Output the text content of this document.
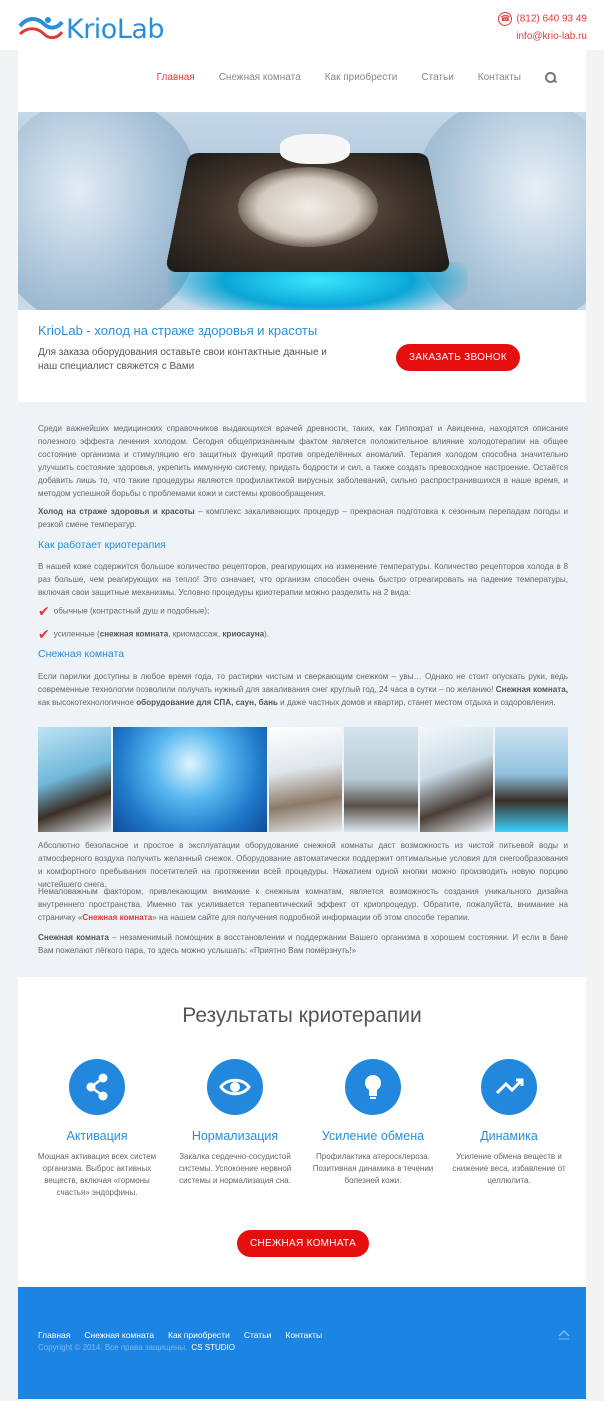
KrioLab	☎ (812) 640 93 49
info@krio-lab.ru
Главная Снежная комната Как приобрести Статьи Контакты
KrioLab - холод на страже здоровья и красоты
Для заказа оборудования оставьте свои контактные данные и наш специалист свяжется с Вами
ЗАКАЗАТЬ ЗВОНОК

Среди важнейших медицинских справочников выдающихся врачей древности, таких, как Гиппократ и Авиценна, находятся описания полезного эффекта лечения холодом. Сегодня общепризнанным фактом является положительное влияние холодотерапии на общее состояние организма и стимуляцию его защитных функций против определённых аномалий. Терапия холодом способна значительно улучшить состояние здоровья, укрепить иммунную систему, придать бодрости и сил, а также создать превосходное настроение. Остаётся добавить лишь то, что такие процедуры являются профилактикой вирусных заболеваний, сильно распространившихся в наше время, и методом успешной борьбы с проблемами кожи и системы кровообращения.

Холод на страже здоровья и красоты – комплекс закаливающих процедур – прекрасная подготовка к сезонным перепадам погоды и резкой смене температур.

Как работает криотерапия

В нашей коже содержится большое количество рецепторов, реагирующих на изменение температуры. Количество рецепторов холода в 8 раз больше, чем реагирующих на тепло! Это означает, что организм способен очень быстро отреагировать на падение температуры, включая свои защитные механизмы. Условно процедуры криотерапии можно разделить на 2 вида:

✔ обычные (контрастный душ и подобные);
✔ усиленные (снежная комната, криомассаж, криосауна).
Снежная комната

Если парилки доступны в любое время года, то растирки чистым и сверкающим снежком – увы… Однако не стоит опускать руки, ведь современные технологии позволили получать нужный для закаливания снег круглый год, 24 часа в сутки – по желанию! Снежная комната, как высокотехнологичное оборудование для СПА, саун, бань и даже частных домов и квартир, станет местом отдыха и оздоровления.

Абсолютно безопасное и простое в эксплуатации оборудование снежной комнаты даст возможность из чистой питьевой воды и атмосферного воздуха получить желанный снежок. Оборудование автоматически поддержит оптимальные условия для снегообразования и комфортного пребывания посетителей на протяжении всей процедуры. Нажатием одной кнопки можно производить новую порцию чистейшего снега.

Немаловажным фактором, привлекающим внимание к снежным комнатам, является возможность создания уникального дизайна внутреннего пространства. Именно так усиливается терапевтический эффект от криопроцедур. Обратите, пожалуйста, внимание на страничку «Снежная комната» на нашем сайте для получения подробной информации об этом способе терапии.

Снежная комната – незаменимый помощник в восстановлении и поддержании Вашего организма в хорошем состоянии. И если в бане Вам пожелают лёгкого пара, то здесь можно услышать: «Приятно Вам помёрзнуть!»

Результаты криотерапии
Активация
Мощная активация всех систем организма. Выброс активных веществ, включая «гормоны счастья» эндорфины.
Нормализация
Закалка сердечно-сосудистой системы. Успокоение нервной системы и нормализация сна.
Усиление обмена
Профилактика атеросклероза. Позитивная динамика в течении болезней кожи.
Динамика
Усиление обмена веществ и снижение веса, избавление от целлюлита.
СНЕЖНАЯ КОМНАТА
Главная Снежная комната Как приобрести Статьи Контакты
Copyright © 2014. Все права защищены. CS STUDIO
